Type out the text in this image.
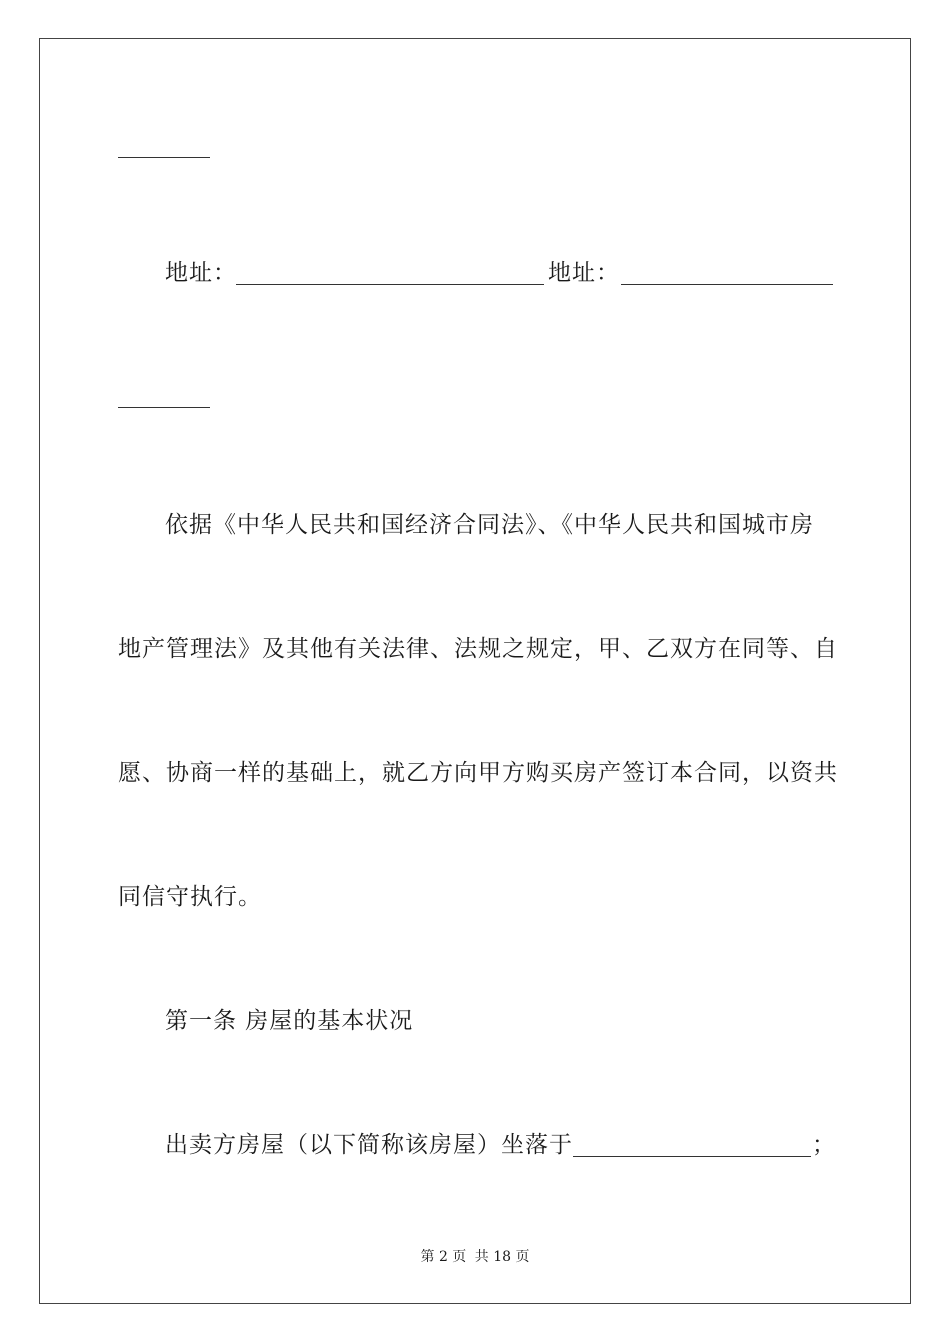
地址：	地址：
依据《中华人民共和国经济合同法》、《中华人民共和国城市房
地产管理法》及其他有关法律、法规之规定，甲、乙双方在同等、自
愿、协商一样的基础上，就乙方向甲方购买房产签订本合同，以资共
同信守执行。
第一条 房屋的基本状况
出卖方房屋（以下简称该房屋）坐落于	；
第 2 页 共 18 页
